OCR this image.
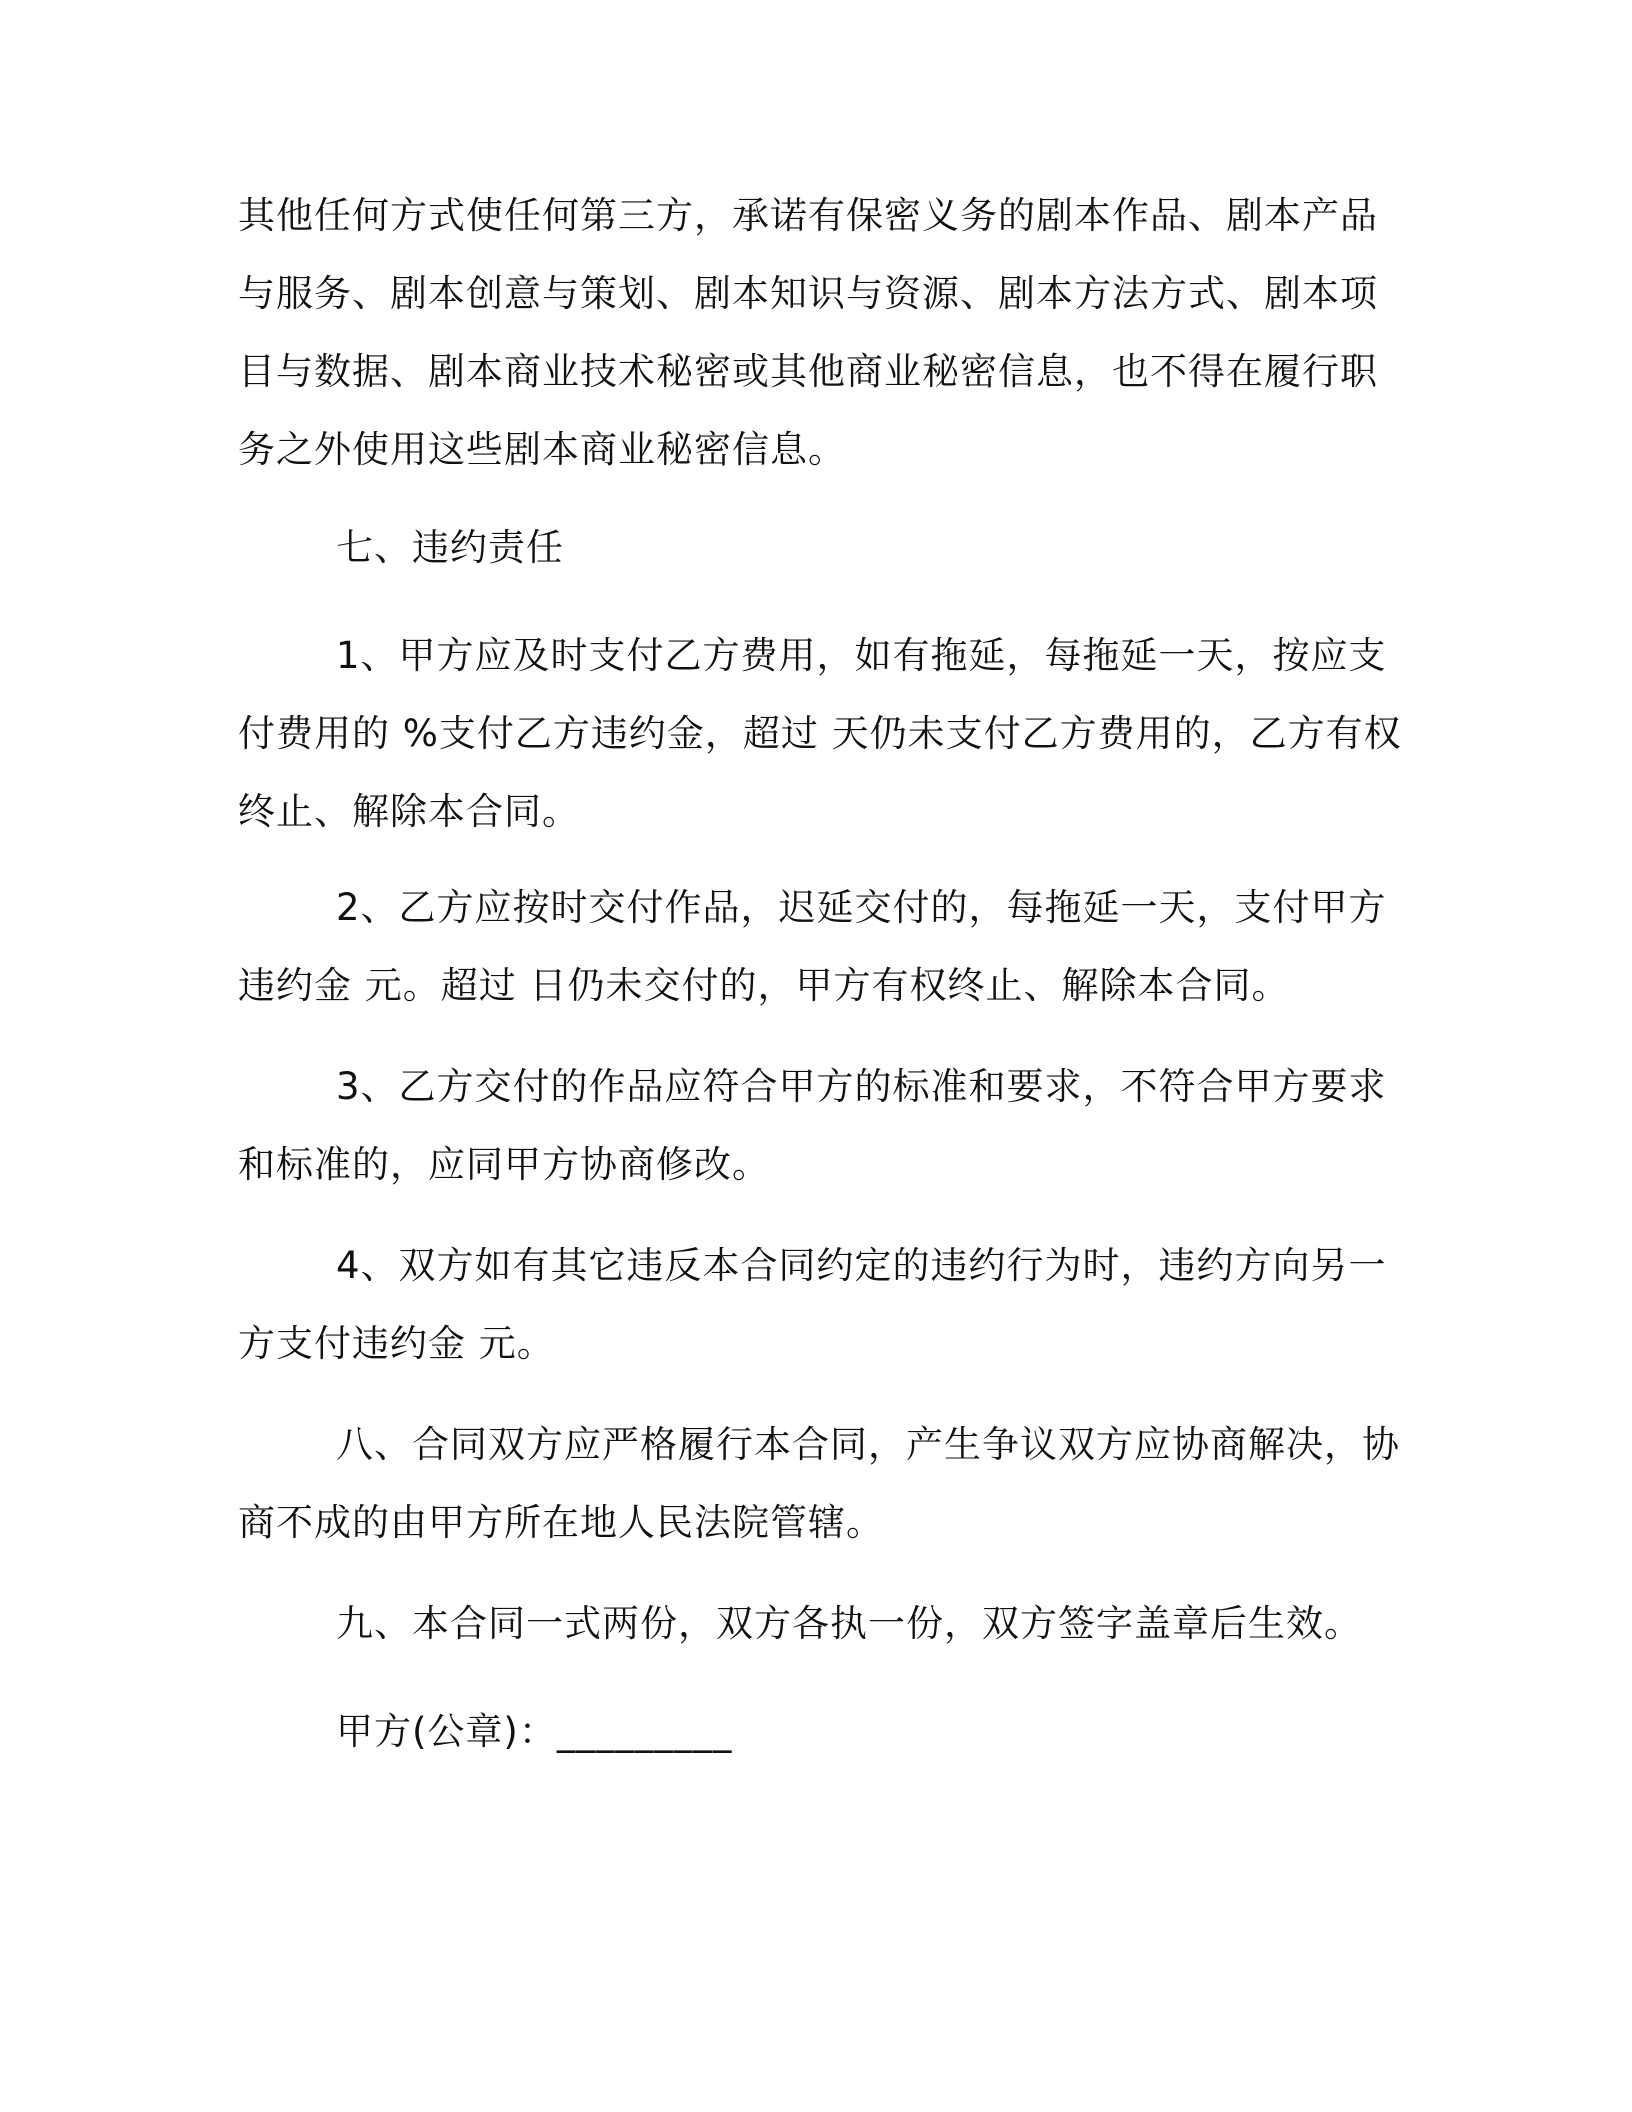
其他任何方式使任何第三方，承诺有保密义务的剧本作品、剧本产品
与服务、剧本创意与策划、剧本知识与资源、剧本方法方式、剧本项
目与数据、剧本商业技术秘密或其他商业秘密信息，也不得在履行职
务之外使用这些剧本商业秘密信息。
七、违约责任
1、甲方应及时支付乙方费用，如有拖延，每拖延一天，按应支
付费用的 %支付乙方违约金，超过 天仍未支付乙方费用的，乙方有权
终止、解除本合同。
2、乙方应按时交付作品，迟延交付的，每拖延一天，支付甲方
违约金 元。超过 日仍未交付的，甲方有权终止、解除本合同。
3、乙方交付的作品应符合甲方的标准和要求，不符合甲方要求
和标准的，应同甲方协商修改。
4、双方如有其它违反本合同约定的违约行为时，违约方向另一
方支付违约金 元。
八、合同双方应严格履行本合同，产生争议双方应协商解决，协
商不成的由甲方所在地人民法院管辖。
九、本合同一式两份，双方各执一份，双方签字盖章后生效。
甲方(公章)：_________
